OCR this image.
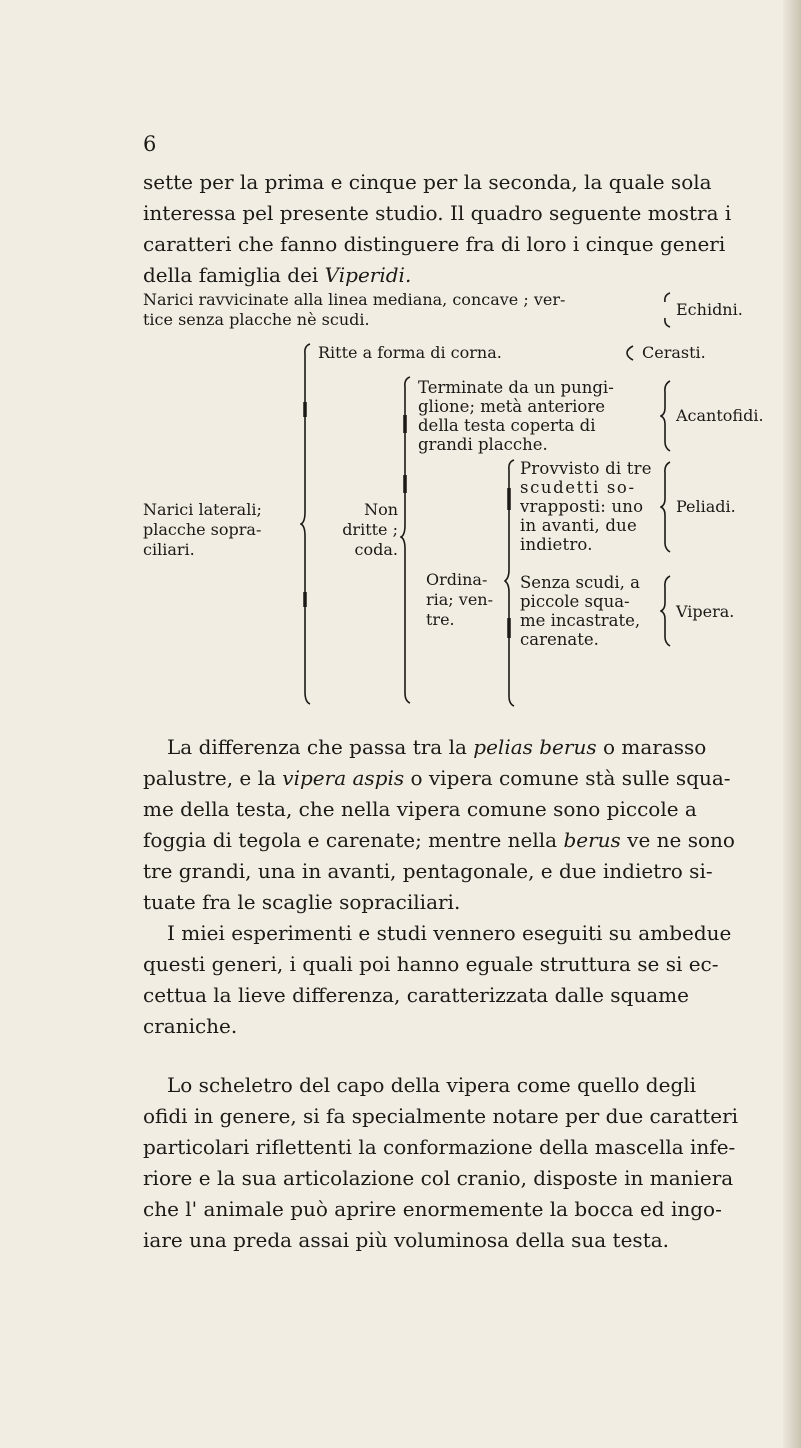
6

sette per la prima e cinque per la seconda, la quale sola

interessa pel presente studio. Il quadro seguente mostra i

caratteri che fanno distinguere fra di loro i cinque generi

della famiglia dei Viperidi.

Narici ravvicinate alla linea mediana, concave ; ver-
tice senza placche nè scudi.
Echidni.
Ritte a forma di corna.	Cerasti.
Narici laterali;
placche sopra-
ciliari.
Non
dritte ;
coda.
Terminate da un pungi-
glione; metà anteriore
della testa coperta di
grandi placche.
Acantofidi.
Ordina-
ria; ven-
tre.
Provvisto di tre
scudetti so-
vrapposti: uno
in avanti, due
indietro.
Peliadi.
Senza scudi, a
piccole squa-
me incastrate,
carenate.
Vipera.

La differenza che passa tra la pelias berus o marasso

palustre, e la vipera aspis o vipera comune stà sulle squa-

me della testa, che nella vipera comune sono piccole a

foggia di tegola e carenate; mentre nella berus ve ne sono

tre grandi, una in avanti, pentagonale, e due indietro si-

tuate fra le scaglie sopraciliari.

I miei esperimenti e studi vennero eseguiti su ambedue

questi generi, i quali poi hanno eguale struttura se si ec-

cettua la lieve differenza, caratterizzata dalle squame

craniche.

Lo scheletro del capo della vipera come quello degli

ofidi in genere, si fa specialmente notare per due caratteri

particolari riflettenti la conformazione della mascella infe-

riore e la sua articolazione col cranio, disposte in maniera

che l' animale può aprire enormemente la bocca ed ingo-

iare una preda assai più voluminosa della sua testa.
